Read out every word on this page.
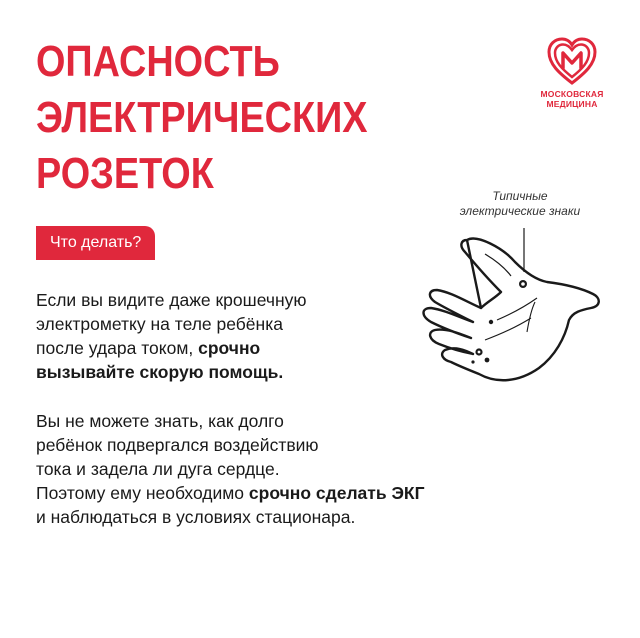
ОПАСНОСТЬ
ЭЛЕКТРИЧЕСКИХ
РОЗЕТОК
МОСКОВСКАЯ
МЕДИЦИНА
Что делать?

Если вы видите даже крошечную
электрометку на теле ребёнка
после удара током, срочно
вызывайте скорую помощь.

Вы не можете знать, как долго
ребёнок подвергался воздействию
тока и задела ли дуга сердце.
Поэтому ему необходимо срочно сделать ЭКГ
и наблюдаться в условиях стационара.

Типичные
электрические знаки
